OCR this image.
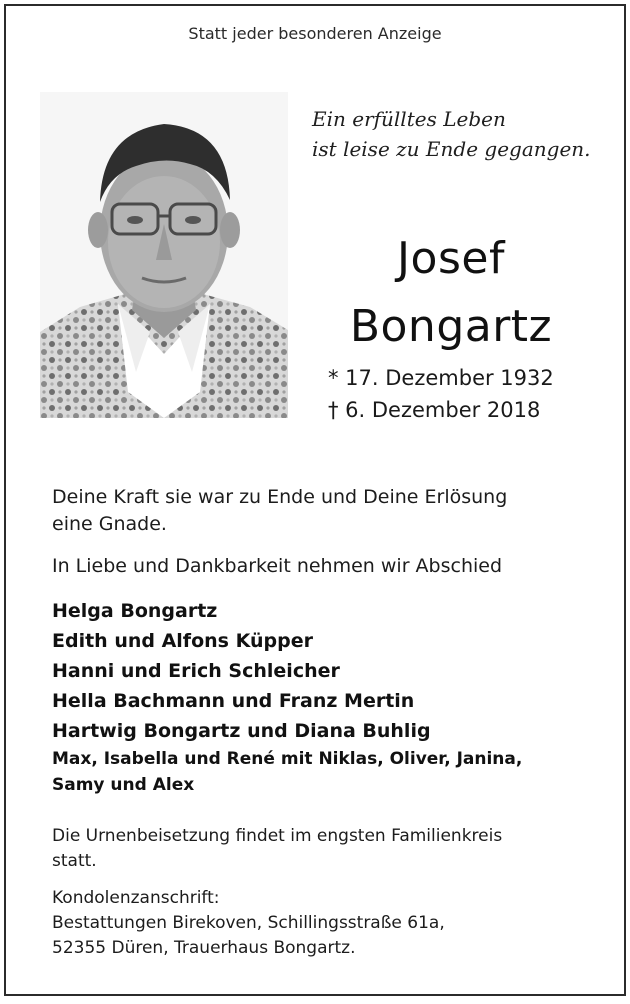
Statt jeder besonderen Anzeige
Ein erfülltes Leben
ist leise zu Ende gegangen.
Josef
Bongartz
* 17. Dezember 1932
† 6. Dezember 2018
Deine Kraft sie war zu Ende und Deine Erlösung
eine Gnade.
In Liebe und Dankbarkeit nehmen wir Abschied
Helga Bongartz
Edith und Alfons Küpper
Hanni und Erich Schleicher
Hella Bachmann und Franz Mertin
Hartwig Bongartz und Diana Buhlig
Max, Isabella und René mit Niklas, Oliver, Janina,
Samy und Alex
Die Urnenbeisetzung findet im engsten Familienkreis
statt.
Kondolenzanschrift:
Bestattungen Birekoven, Schillingsstraße 61a,
52355 Düren, Trauerhaus Bongartz.
